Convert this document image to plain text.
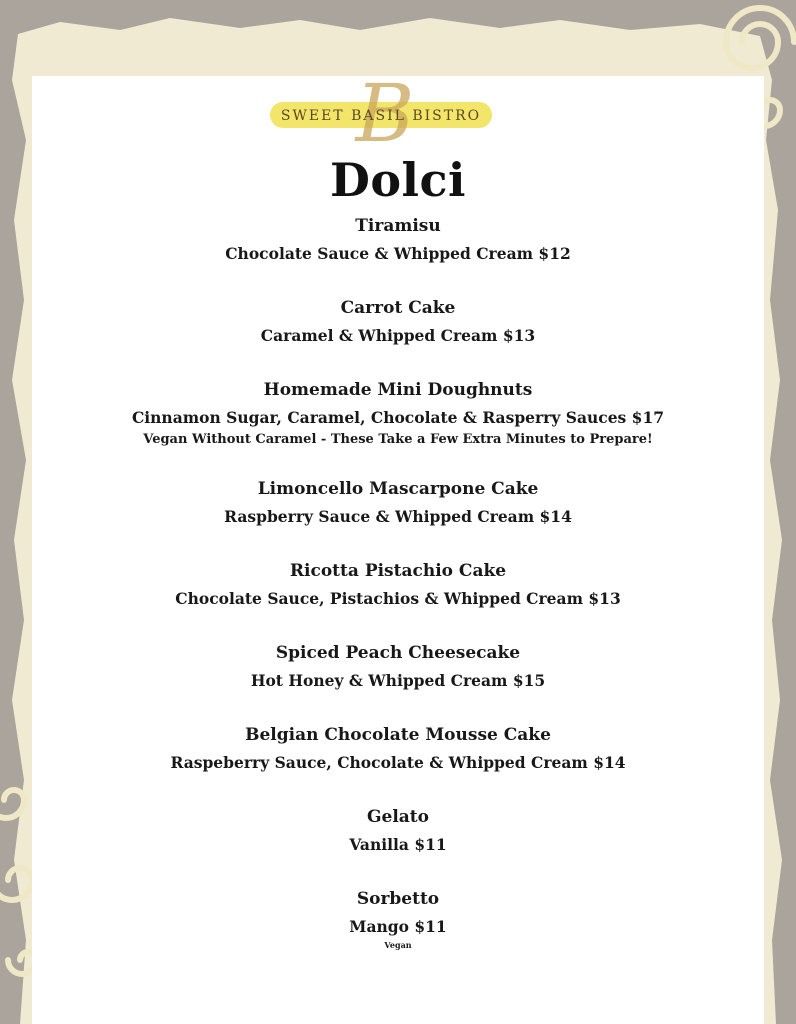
B
SWEET BASIL BISTRO
Dolci
Tiramisu
Chocolate Sauce & Whipped Cream $12
Carrot Cake
Caramel & Whipped Cream $13
Homemade Mini Doughnuts
Cinnamon Sugar, Caramel, Chocolate & Rasperry Sauces $17
Vegan Without Caramel - These Take a Few Extra Minutes to Prepare!
Limoncello Mascarpone Cake
Raspberry Sauce & Whipped Cream $14
Ricotta Pistachio Cake
Chocolate Sauce, Pistachios & Whipped Cream $13
Spiced Peach Cheesecake
Hot Honey & Whipped Cream $15
Belgian Chocolate Mousse Cake
Raspeberry Sauce, Chocolate & Whipped Cream $14
Gelato
Vanilla $11
Sorbetto
Mango $11
Vegan
